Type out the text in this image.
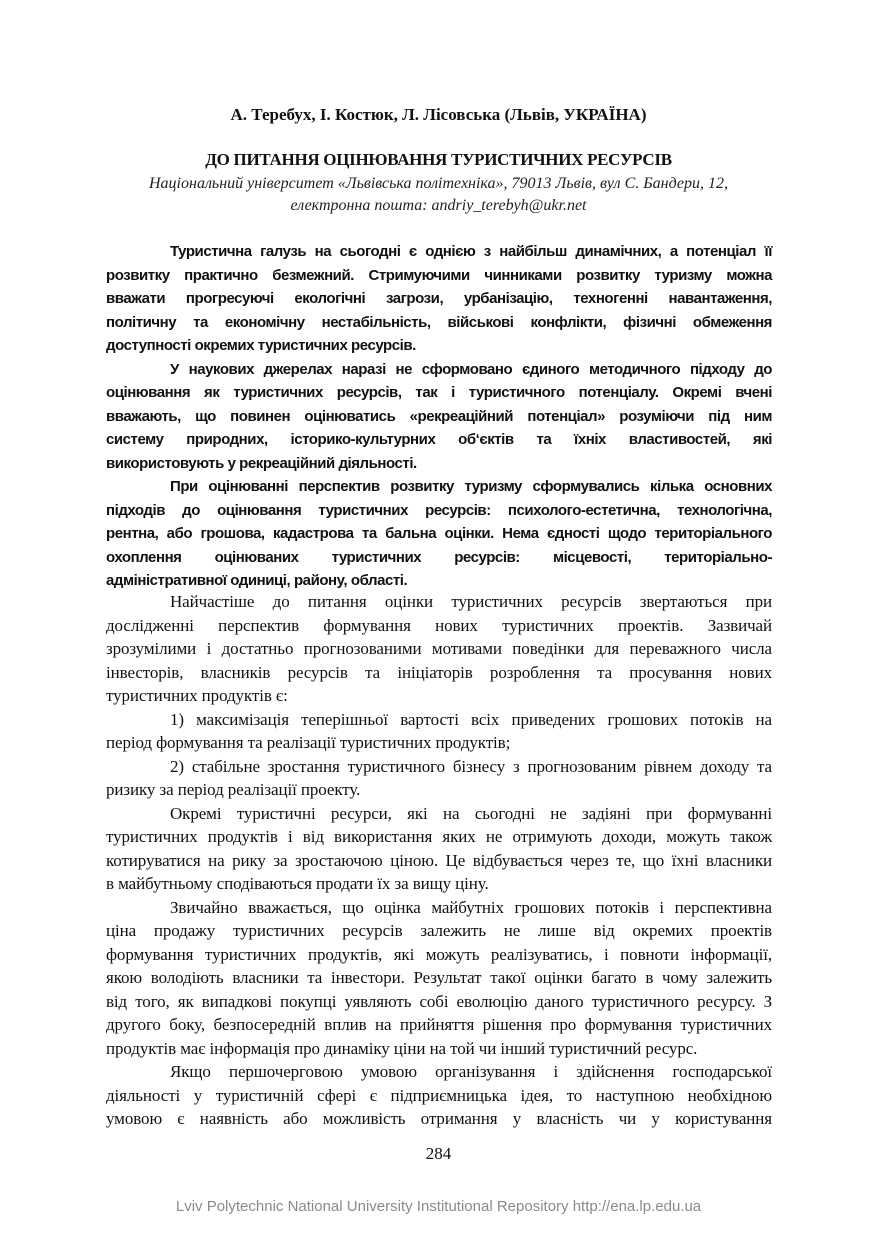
А. Теребух, І. Костюк, Л. Лісовська (Львів, УКРАЇНА)
ДО ПИТАННЯ ОЦІНЮВАННЯ ТУРИСТИЧНИХ РЕСУРСІВ
Національний університет «Львівська політехніка», 79013 Львів, вул С. Бандери, 12,
електронна пошта: andriy_terebyh@ukr.net
Туристична галузь на сьогодні є однією з найбільш динамічних, а потенціал її
розвитку практично безмежний. Стримуючими чинниками розвитку туризму можна
вважати прогресуючі екологічні загрози, урбанізацію, техногенні навантаження,
політичну та економічну нестабільність, військові конфлікти, фізичні обмеження
доступності окремих туристичних ресурсів.
У наукових джерелах наразі не сформовано єдиного методичного підходу до
оцінювання як туристичних ресурсів, так і туристичного потенціалу. Окремі вчені
вважають, що повинен оцінюватись «рекреаційний потенціал» розуміючи під ним
систему природних, історико-культурних об‘єктів та їхніх властивостей, які
використовують у рекреаційний діяльності.
При оцінюванні перспектив розвитку туризму сформувались кілька основних
підходів до оцінювання туристичних ресурсів: психолого-естетична, технологічна,
рентна, або грошова, кадастрова та бальна оцінки. Нема єдності щодо територіального
охоплення оцінюваних туристичних ресурсів: місцевості, територіально-
адміністративної одиниці, району, області.
Найчастіше до питання оцінки туристичних ресурсів звертаються при
дослідженні перспектив формування нових туристичних проектів. Зазвичай
зрозумілими і достатньо прогнозованими мотивами поведінки для переважного числа
інвесторів, власників ресурсів та ініціаторів розроблення та просування нових
туристичних продуктів є:
1) максимізація теперішньої вартості всіх приведених грошових потоків на
період формування та реалізації туристичних продуктів;
2) стабільне зростання туристичного бізнесу з прогнозованим рівнем доходу та
ризику за період реалізації проекту.
Окремі туристичні ресурси, які на сьогодні не задіяні при формуванні
туристичних продуктів і від використання яких не отримують доходи, можуть також
котируватися на рику за зростаючою ціною. Це відбувається через те, що їхні власники
в майбутньому сподіваються продати їх за вищу ціну.
Звичайно вважається, що оцінка майбутніх грошових потоків і перспективна
ціна продажу туристичних ресурсів залежить не лише від окремих проектів
формування туристичних продуктів, які можуть реалізуватись, і повноти інформації,
якою володіють власники та інвестори. Результат такої оцінки багато в чому залежить
від того, як випадкові покупці уявляють собі еволюцію даного туристичного ресурсу. З
другого боку, безпосередній вплив на прийняття рішення про формування туристичних
продуктів має інформація про динаміку ціни на той чи інший туристичний ресурс.
Якщо першочерговою умовою організування і здійснення господарської
діяльності у туристичній сфері є підприємницька ідея, то наступною необхідною
умовою є наявність або можливість отримання у власність чи у користування
284
Lviv Polytechnic National University Institutional Repository http://ena.lp.edu.ua
